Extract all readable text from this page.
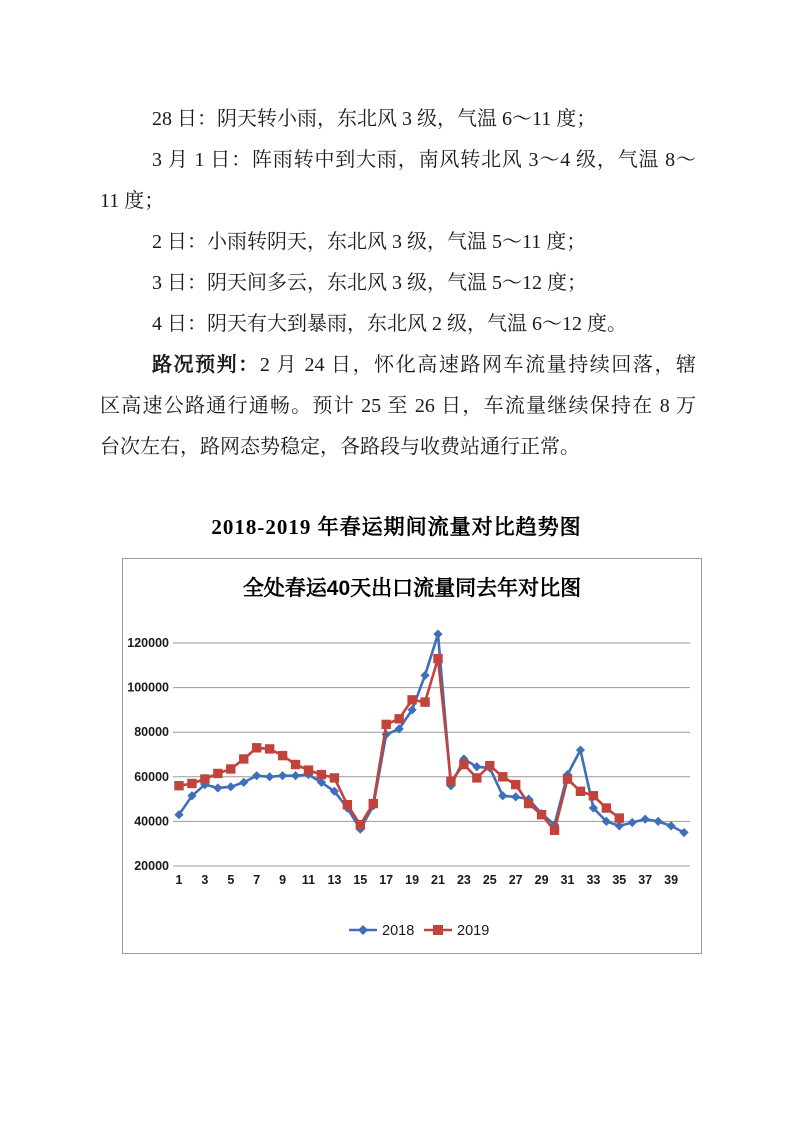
28 日：阴天转小雨，东北风 3 级，气温 6～11 度；
3 月 1 日：阵雨转中到大雨，南风转北风 3～4 级，气温 8～
11 度；
2 日：小雨转阴天，东北风 3 级，气温 5～11 度；
3 日：阴天间多云，东北风 3 级，气温 5～12 度；
4 日：阴天有大到暴雨，东北风 2 级，气温 6～12 度。
路况预判：2 月 24 日，怀化高速路网车流量持续回落，辖
区高速公路通行通畅。预计 25 至 26 日，车流量继续保持在 8 万
台次左右，路网态势稳定，各路段与收费站通行正常。
2018-2019 年春运期间流量对比趋势图
全处春运40天出口流量同去年对比图
20000
40000
60000
80000
100000
120000
1 3 5 7 9 11 13 15 17 19 21 23 25 27 29 31 33 35 37 39
2018	2019
